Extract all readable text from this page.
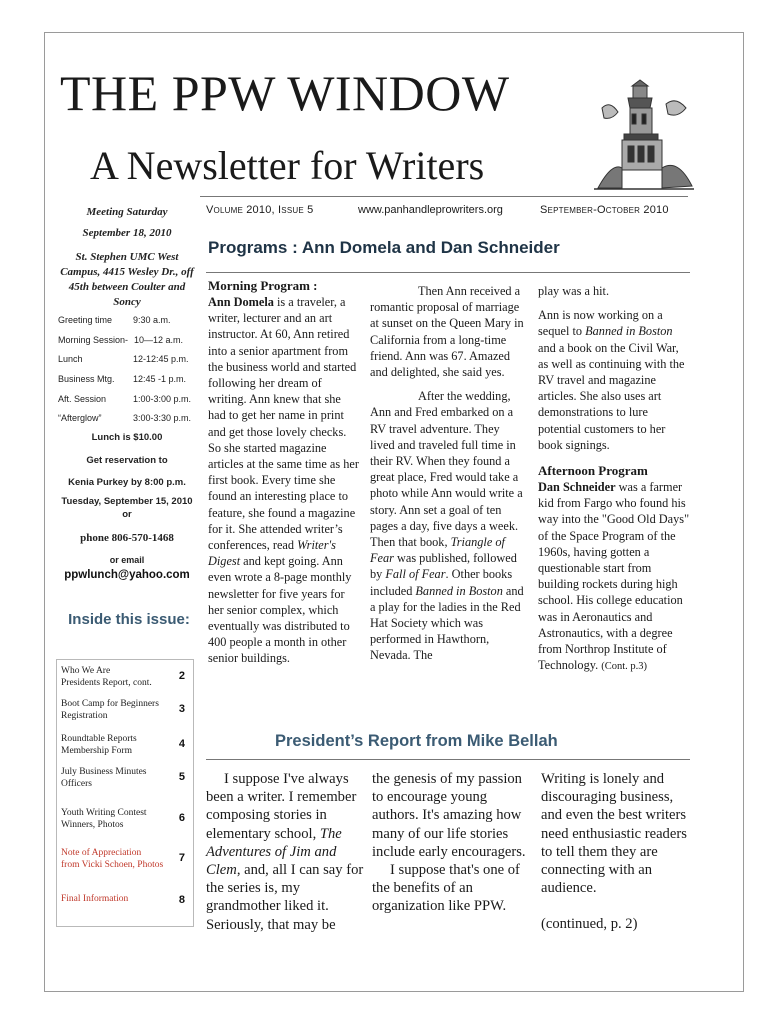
THE PPW WINDOW
A Newsletter for Writers
Volume 2010, Issue 5	www.panhandleprowriters.org	September-October 2010
Meeting Saturday
September 18, 2010
St. Stephen UMC West Campus, 4415 Wesley Dr., off 45th between Coulter and Soncy
Greeting time 9:30 a.m.
Morning Session- 10—12 a.m.
Lunch	12-12:45 p.m.
Business Mtg. 12:45 -1 p.m.
Aft. Session	1:00-3:00 p.m.
“Afterglow”	3:00-3:30 p.m.
Lunch is $10.00
Get reservation to
Kenia Purkey by 8:00 p.m.
Tuesday, September 15, 2010 or
phone 806-570-1468
or email
ppwlunch@yahoo.com
Inside this issue:
Who We Are
Presidents Report, cont.
2
Boot Camp for Beginners
Registration
3
Roundtable Reports
Membership Form
4
July Business Minutes
Officers
5
Youth Writing Contest
Winners, Photos
6
Note of Appreciation
from Vicki Schoen, Photos
7
Final Information	8
Programs : Ann Domela and Dan Schneider
Morning Program :

Ann Domela is a traveler, a writer, lecturer and an art instructor. At 60, Ann retired into a senior apartment from the business world and started following her dream of writing. Ann knew that she had to get her name in print and get those lovely checks. So she started magazine articles at the same time as her first book. Every time she found an interesting place to feature, she found a magazine for it. She attended writer’s conferences, read Writer's Digest and kept going. Ann even wrote a 8-page monthly newsletter for five years for her senior complex, which eventually was distributed to 400 people a month in other senior buildings.

Then Ann received a romantic proposal of marriage at sunset on the Queen Mary in California from a long-time friend. Ann was 67. Amazed and delighted, she said yes.

After the wedding, Ann and Fred embarked on a RV travel adventure. They lived and traveled full time in their RV. When they found a great place, Fred would take a photo while Ann would write a story. Ann set a goal of ten pages a day, five days a week. Then that book, Triangle of Fear was published, followed by Fall of Fear. Other books included Banned in Boston and a play for the ladies in the Red Hat Society which was performed in Hawthorn, Nevada. The

play was a hit.

Ann is now working on a sequel to Banned in Boston and a book on the Civil War, as well as continuing with the RV travel and magazine articles. She also uses art demonstrations to lure potential customers to her book signings.

Afternoon Program

Dan Schneider was a farmer kid from Fargo who found his way into the "Good Old Days" of the Space Program of the 1960s, having gotten a questionable start from building rockets during high school. His college education was in Aeronautics and Astronautics, with a degree from Northrop Institute of Technology. (Cont. p.3)

President’s Report from Mike Bellah

I suppose I've always been a writer. I remember composing stories in elementary school, The Adventures of Jim and Clem, and, all I can say for the series is, my grandmother liked it. Seriously, that may be

the genesis of my passion to encourage young authors. It's amazing how many of our life stories include early encouragers.

I suppose that's one of the benefits of an organization like PPW.

Writing is lonely and discouraging business, and even the best writers need enthusiastic readers to tell them they are connecting with an audience.

(continued, p. 2)
